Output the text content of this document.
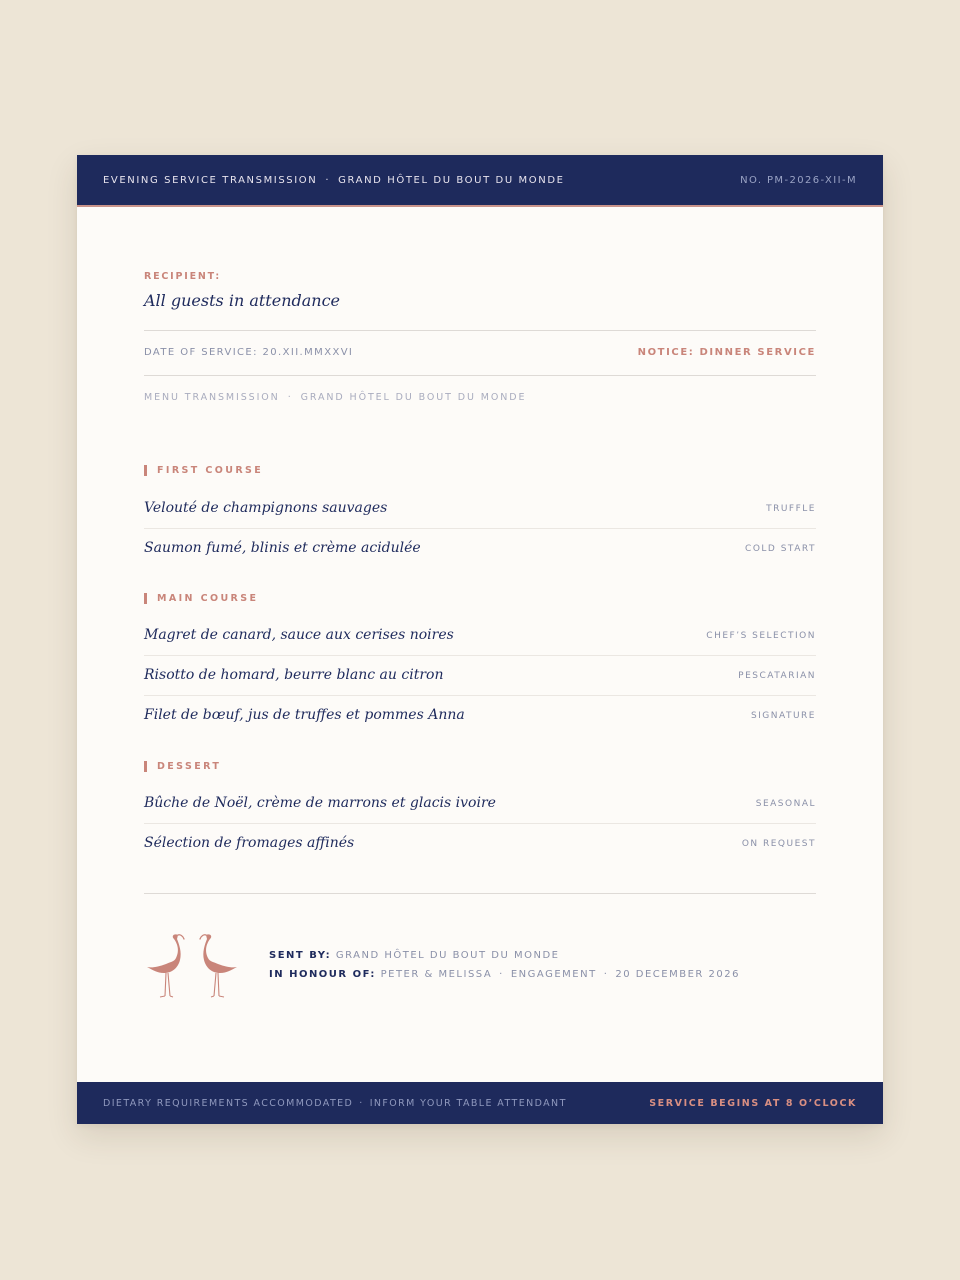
EVENING SERVICE TRANSMISSION · GRAND HÔTEL DU BOUT DU MONDE	NO. PM-2026-XII-M
RECIPIENT:
All guests in attendance
DATE OF SERVICE: 20.XII.MMXXVI	NOTICE: DINNER SERVICE
MENU TRANSMISSION · GRAND HÔTEL DU BOUT DU MONDE
FIRST COURSE
Velouté de champignons sauvages	TRUFFLE
Saumon fumé, blinis et crème acidulée	COLD START
MAIN COURSE
Magret de canard, sauce aux cerises noires	CHEF’S SELECTION
Risotto de homard, beurre blanc au citron	PESCATARIAN
Filet de bœuf, jus de truffes et pommes Anna	SIGNATURE
DESSERT
Bûche de Noël, crème de marrons et glacis ivoire	SEASONAL
Sélection de fromages affinés	ON REQUEST
SENT BY: GRAND HÔTEL DU BOUT DU MONDE
IN HONOUR OF: PETER & MELISSA · ENGAGEMENT · 20 DECEMBER 2026
DIETARY REQUIREMENTS ACCOMMODATED · INFORM YOUR TABLE ATTENDANT	SERVICE BEGINS AT 8 O’CLOCK
